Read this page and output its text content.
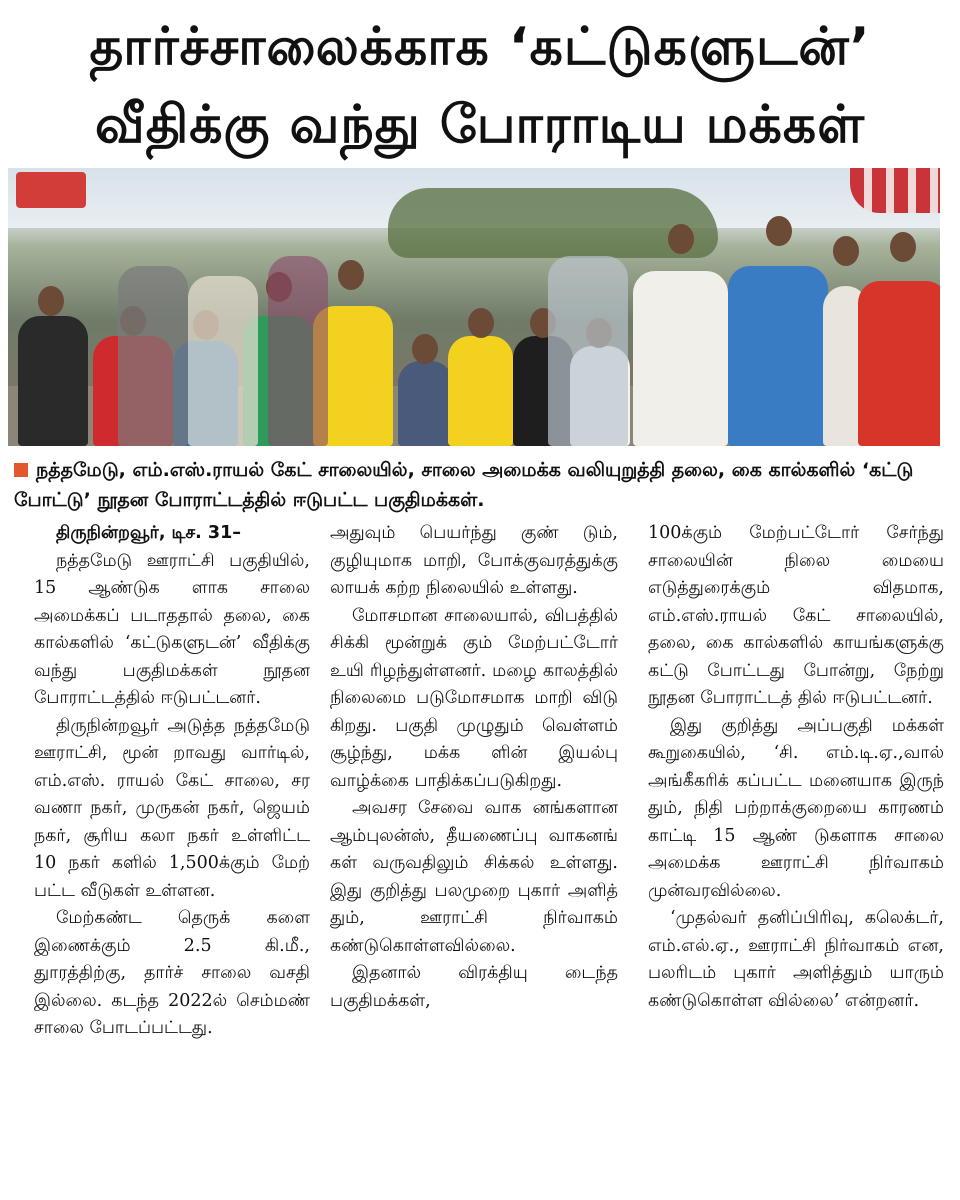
தார்ச்சாலைக்காக ‘கட்டுகளுடன்’
வீதிக்கு வந்து போராடிய மக்கள்
நத்தமேடு, எம்.எஸ்.ராயல் கேட் சாலையில், சாலை அமைக்க வலியுறுத்தி தலை, கை கால்களில் ‘கட்டு போட்டு’ நூதன போராட்டத்தில் ஈடுபட்ட பகுதிமக்கள்.

திருநின்றவூர், டிச. 31–

நத்தமேடு ஊராட்சி பகுதியில், 15 ஆண்டுக ளாக சாலை அமைக்கப் படாததால் தலை, கை கால்களில் ‘கட்டுகளுடன்’ வீதிக்கு வந்து பகுதிமக்கள் நூதன போராட்டத்தில் ஈடுபட்டனர்.

திருநின்றவூர் அடுத்த நத்தமேடு ஊராட்சி, மூன் றாவது வார்டில், எம்.எஸ். ராயல் கேட் சாலை, சர வணா நகர், முருகன் நகர், ஜெயம் நகர், சூரிய கலா நகர் உள்ளிட்ட 10 நகர் களில் 1,500க்கும் மேற் பட்ட வீடுகள் உள்ளன.

மேற்கண்ட தெருக் களை இணைக்கும் 2.5 கி.மீ., துாரத்திற்கு, தார்ச் சாலை வசதி இல்லை. கடந்த 2022ல் செம்மண் சாலை போடப்பட்டது.

அதுவும் பெயர்ந்து குண் டும், குழியுமாக மாறி, போக்குவரத்துக்கு லாயக் கற்ற நிலையில் உள்ளது.

மோசமான சாலையால், விபத்தில் சிக்கி மூன்றுக் கும் மேற்பட்டோர் உயி ரிழந்துள்ளனர். மழை காலத்தில் நிலைமை படுமோசமாக மாறி விடு கிறது. பகுதி முழுதும் வெள்ளம் சூழ்ந்து, மக்க ளின் இயல்பு வாழ்க்கை பாதிக்கப்படுகிறது.

அவசர சேவை வாக னங்களான ஆம்புலன்ஸ், தீயணைப்பு வாகனங் கள் வருவதிலும் சிக்கல் உள்ளது. இது குறித்து பலமுறை புகார் அளித் தும், ஊராட்சி நிர்வாகம் கண்டுகொள்ளவில்லை.

இதனால் விரக்தியு டைந்த பகுதிமக்கள்,

100க்கும் மேற்பட்டோர் சேர்ந்து சாலையின் நிலை மையை எடுத்துரைக்கும் விதமாக, எம்.எஸ்.ராயல் கேட் சாலையில், தலை, கை கால்களில் காயங்களுக்கு கட்டு போட்டது போன்று, நேற்று நூதன போராட்டத் தில் ஈடுபட்டனர்.

இது குறித்து அப்பகுதி மக்கள் கூறுகையில், ‘சி. எம்.டி.ஏ.,வால் அங்கீகரிக் கப்பட்ட மனையாக இருந் தும், நிதி பற்றாக்குறையை காரணம் காட்டி 15 ஆண் டுகளாக சாலை அமைக்க ஊராட்சி நிர்வாகம் முன்வரவில்லை.

‘முதல்வர் தனிப்பிரிவு, கலெக்டர், எம்.எல்.ஏ., ஊராட்சி நிர்வாகம் என, பலரிடம் புகார் அளித்தும் யாரும் கண்டுகொள்ள வில்லை’ என்றனர்.
